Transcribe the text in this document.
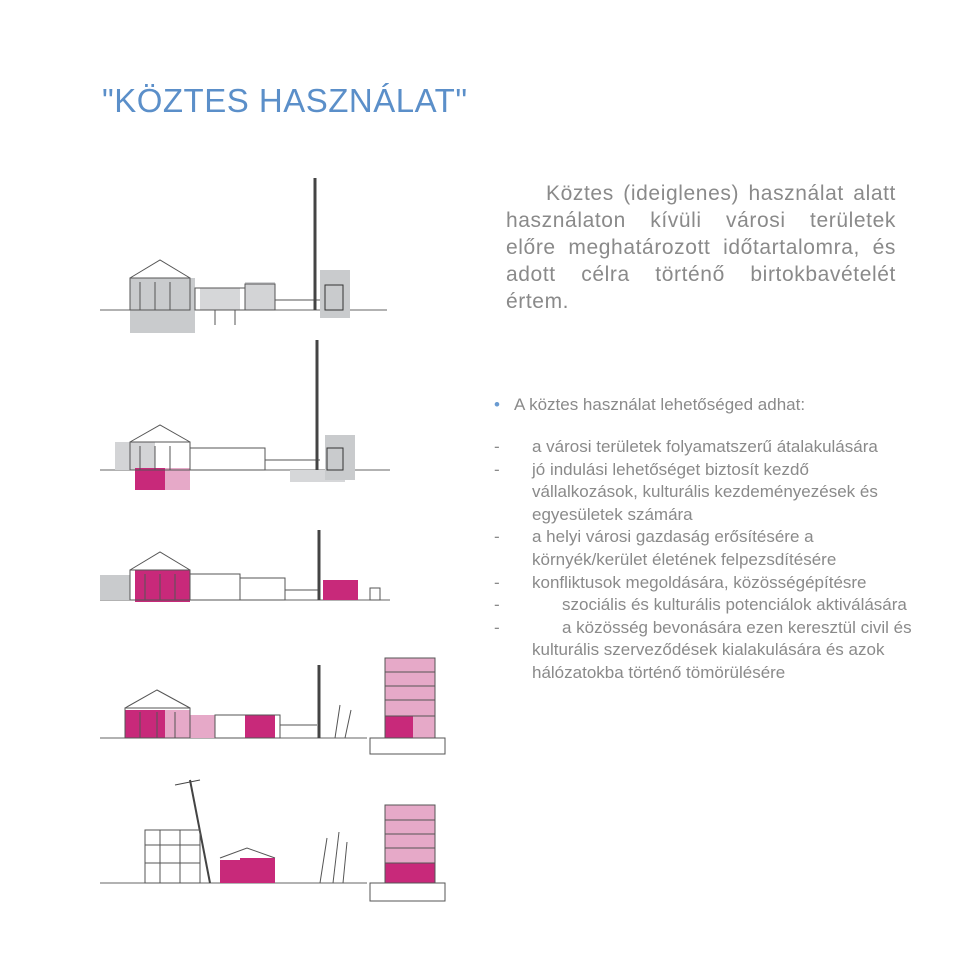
"KÖZTES HASZNÁLAT"
Köztes (ideiglenes) használat alatt használaton kívüli városi területek előre meghatározott időtartalomra, és adott célra történő birtokbavételét értem.
• A köztes használat lehetőséged adhat:
- a városi területek folyamatszerű átalakulására
- jó indulási lehetőséget biztosít kezdő vállalkozások, kulturális kezdeményezések és egyesületek számára
- a helyi városi gazdaság erősítésére a környék/kerület életének felpezsdítésére
- konfliktusok megoldására, közösségépítésre
-	szociális és kulturális potenciálok aktiválására
-	a közösség bevonására ezen keresztül civil és kulturális szerveződések kialakulására és azok hálózatokba történő tömörülésére
